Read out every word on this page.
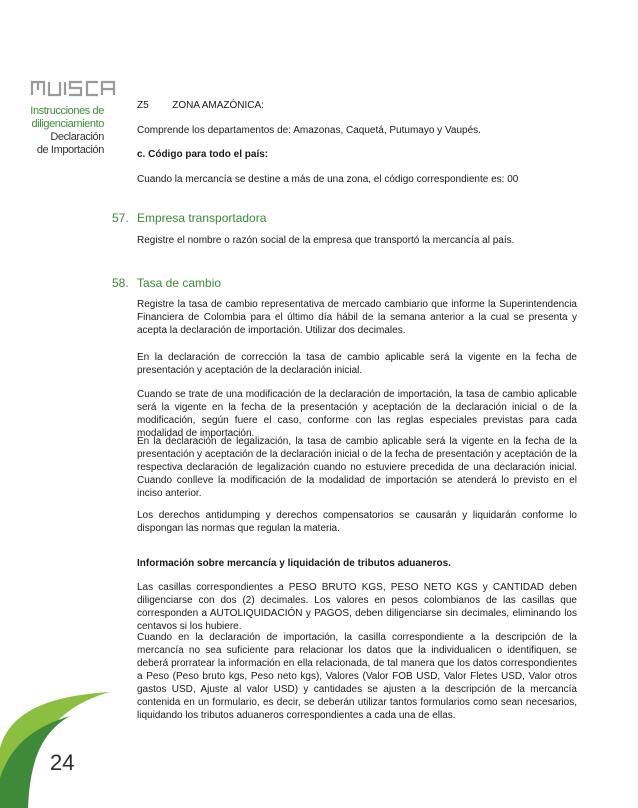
Instrucciones de
diligenciamiento
Declaración
de Importación
57. Empresa transportadora
58. Tasa de cambio
Z5 ZONA AMAZÓNICA:
Comprende los departamentos de: Amazonas, Caquetá, Putumayo y Vaupés.
c. Código para todo el país:
Cuando la mercancía se destine a más de una zona, el código correspondiente es: 00
Registre el nombre o razón social de la empresa que transportó la mercancía al país.
Registre la tasa de cambio representativa de mercado cambiario que informe la Superintendencia Financiera de Colombia para el último día hábil de la semana anterior a la cual se presenta y acepta la declaración de importación. Utilizar dos decimales.
En la declaración de corrección la tasa de cambio aplicable será la vigente en la fecha de presentación y aceptación de la declaración inicial.
Cuando se trate de una modificación de la declaración de importación, la tasa de cambio aplicable será la vigente en la fecha de la presentación y aceptación de la declaración inicial o de la modificación, según fuere el caso, conforme con las reglas especiales previstas para cada modalidad de importación.
En la declaración de legalización, la tasa de cambio aplicable será la vigente en la fecha de la presentación y aceptación de la declaración inicial o de la fecha de presentación y aceptación de la respectiva declaración de legalización cuando no estuviere precedida de una declaración inicial. Cuando conlleve la modificación de la modalidad de importación se atenderá lo previsto en el inciso anterior.
Los derechos antidumping y derechos compensatorios se causarán y liquidarán conforme lo dispongan las normas que regulan la materia.
Información sobre mercancía y liquidación de tributos aduaneros.
Las casillas correspondientes a PESO BRUTO KGS, PESO NETO KGS y CANTIDAD deben diligenciarse con dos (2) decimales. Los valores en pesos colombianos de las casillas que corresponden a AUTOLIQUIDACIÓN y PAGOS, deben diligenciarse sin decimales, eliminando los centavos si los hubiere.
Cuando en la declaración de importación, la casilla correspondiente a la descripción de la mercancía no sea suficiente para relacionar los datos que la individualicen o identifiquen, se deberá prorratear la información en ella relacionada, de tal manera que los datos correspondientes a Peso (Peso bruto kgs, Peso neto kgs), Valores (Valor FOB USD, Valor Fletes USD, Valor otros gastos USD, Ajuste al valor USD) y cantidades se ajusten a la descripción de la mercancía contenida en un formulario, es decir, se deberán utilizar tantos formularios como sean necesarios, liquidando los tributos aduaneros correspondientes a cada una de ellas.
24
